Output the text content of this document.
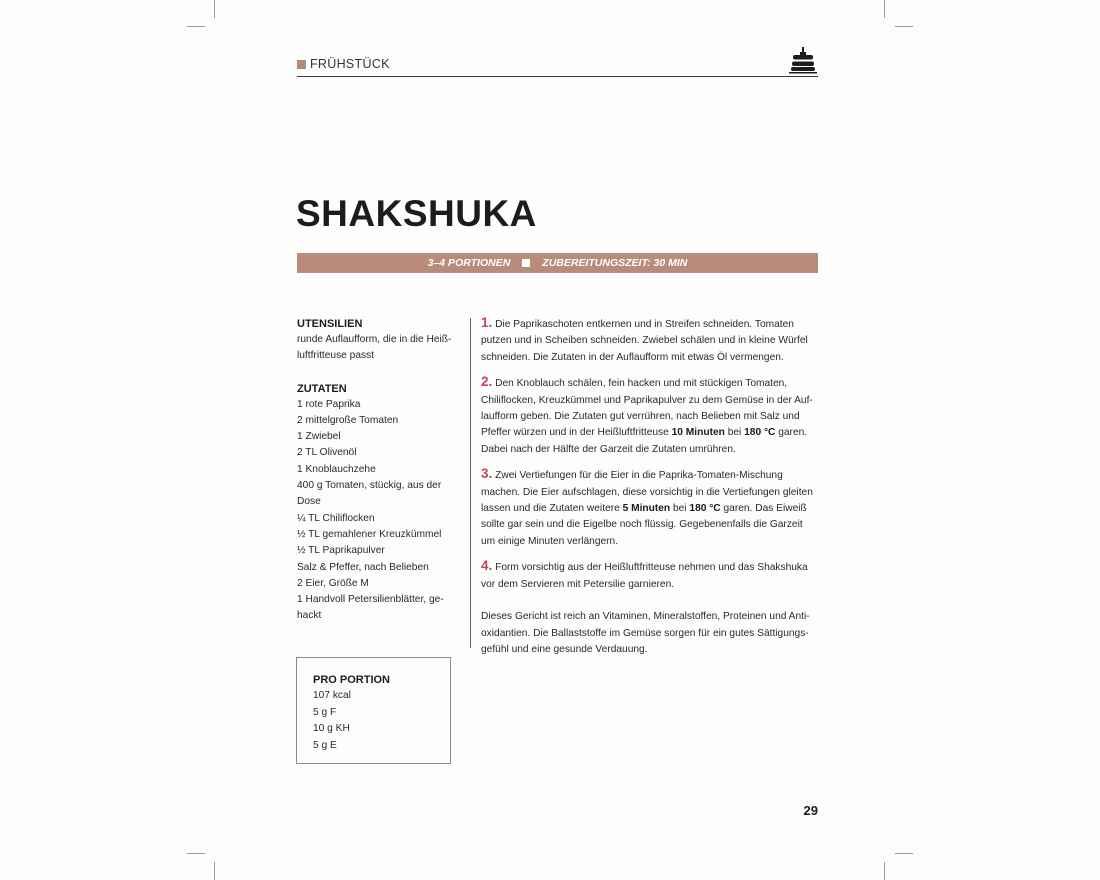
FRÜHSTÜCK
SHAKSHUKA
3–4 PORTIONEN	ZUBEREITUNGSZEIT: 30 MIN
UTENSILIEN

runde Auflaufform, die in die Heiß-luftfritteuse passt

ZUTATEN
1 rote Paprika
2 mittelgroße Tomaten
1 Zwiebel
2 TL Olivenöl
1 Knoblauchzehe
400 g Tomaten, stückig, aus der Dose
¼ TL Chiliflocken
½ TL gemahlener Kreuzkümmel
½ TL Paprikapulver
Salz & Pfeffer, nach Belieben
2 Eier, Größe M
1 Handvoll Petersilienblätter, ge-hackt

1. Die Paprikaschoten entkernen und in Streifen schneiden. Tomaten putzen und in Scheiben schneiden. Zwiebel schälen und in kleine Würfel schneiden. Die Zutaten in der Auflaufform mit etwas Öl vermengen.

2. Den Knoblauch schälen, fein hacken und mit stückigen Tomaten, Chiliflocken, Kreuzkümmel und Paprikapulver zu dem Gemüse in der Auf-laufform geben. Die Zutaten gut verrühren, nach Belieben mit Salz und Pfeffer würzen und in der Heißluftfritteuse 10 Minuten bei 180 °C garen. Dabei nach der Hälfte der Garzeit die Zutaten umrühren.

3. Zwei Vertiefungen für die Eier in die Paprika-Tomaten-Mischung machen. Die Eier aufschlagen, diese vorsichtig in die Vertiefungen gleiten lassen und die Zutaten weitere 5 Minuten bei 180 °C garen. Das Eiweiß sollte gar sein und die Eigelbe noch flüssig. Gegebenenfalls die Garzeit um einige Minuten verlängern.

4. Form vorsichtig aus der Heißluftfritteuse nehmen und das Shakshuka vor dem Servieren mit Petersilie garnieren.

Dieses Gericht ist reich an Vitaminen, Mineralstoffen, Proteinen und Anti-oxidantien. Die Ballaststoffe im Gemüse sorgen für ein gutes Sättigungs-gefühl und eine gesunde Verdauung.

PRO PORTION
107 kcal
5 g F
10 g KH
5 g E
29
